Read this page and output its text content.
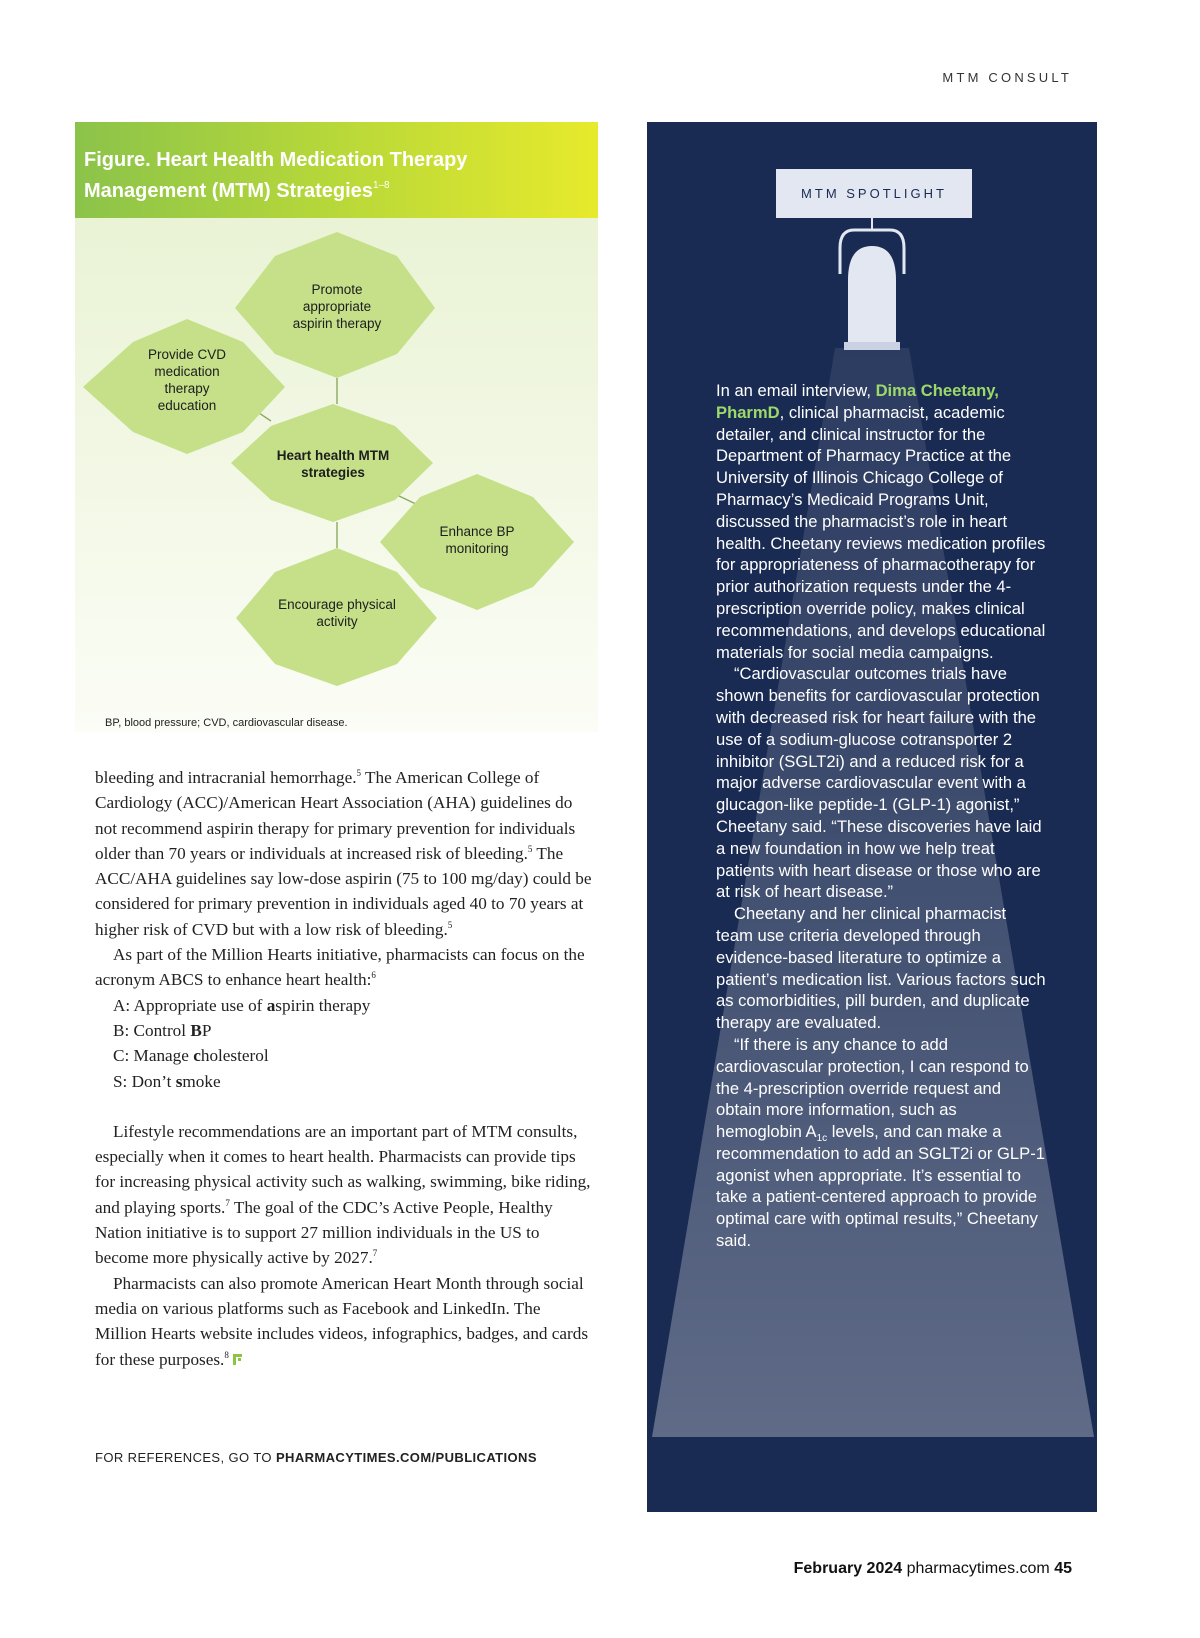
MTM CONSULT
Figure. Heart Health Medication Therapy Management (MTM) Strategies$^{1-8}$
Promote
appropriate
aspirin therapy
Provide CVD
medication
therapy
education
Heart health MTM
strategies
Enhance BP
monitoring
Encourage physical
activity
BP, blood pressure; CVD, cardiovascular disease.

bleeding and intracranial hemorrhage.$^5$ The American College of Cardiology (ACC)/American Heart Association (AHA) guidelines do not recommend aspirin therapy for primary prevention for individuals older than 70 years or individuals at increased risk of bleeding.$^5$ The ACC/AHA guidelines say low-dose aspirin (75 to 100 mg/day) could be considered for primary prevention in individuals aged 40 to 70 years at higher risk of CVD but with a low risk of bleeding.$^5$

As part of the Million Hearts initiative, pharmacists can focus on the acronym ABCS to enhance heart health:$^6$

A: Appropriate use of aspirin therapy

B: Control BP

C: Manage cholesterol

S: Don’t smoke

Lifestyle recommendations are an important part of MTM consults, especially when it comes to heart health. Pharmacists can provide tips for increasing physical activity such as walking, swimming, bike riding, and playing sports.$^7$ The goal of the CDC’s Active People, Healthy Nation initiative is to support 27 million individuals in the US to become more physically active by 2027.$^7$

Pharmacists can also promote American Heart Month through social media on various platforms such as Facebook and LinkedIn. The Million Hearts website includes videos, infographics, badges, and cards for these purposes.$^8$

FOR REFERENCES, GO TO PHARMACYTIMES.COM/PUBLICATIONS
MTM SPOTLIGHT

In an email interview, Dima Cheetany, PharmD, clinical pharmacist, academic detailer, and clinical instructor for the Department of Pharmacy Practice at the University of Illinois Chicago College of Pharmacy’s Medicaid Programs Unit, discussed the pharmacist’s role in heart health. Cheetany reviews medication profiles for appropriateness of pharmacotherapy for prior authorization requests under the 4-prescription override policy, makes clinical recommendations, and develops educational materials for social media campaigns.

“Cardiovascular outcomes trials have shown benefits for cardiovascular protection with decreased risk for heart failure with the use of a sodium-glucose cotransporter 2 inhibitor (SGLT2i) and a reduced risk for a major adverse cardiovascular event with a glucagon-like peptide-1 (GLP-1) agonist,” Cheetany said. “These discoveries have laid a new foundation in how we help treat patients with heart disease or those who are at risk of heart disease.”

Cheetany and her clinical pharmacist team use criteria developed through evidence-based literature to optimize a patient’s medication list. Various factors such as comorbidities, pill burden, and duplicate therapy are evaluated.

“If there is any chance to add cardiovascular protection, I can respond to the 4-prescription override request and obtain more information, such as hemoglobin $A_{1c}$ levels, and can make a recommendation to add an SGLT2i or GLP-1 agonist when appropriate. It’s essential to take a patient-centered approach to provide optimal care with optimal results,” Cheetany said.

February 2024 pharmacytimes.com 45
